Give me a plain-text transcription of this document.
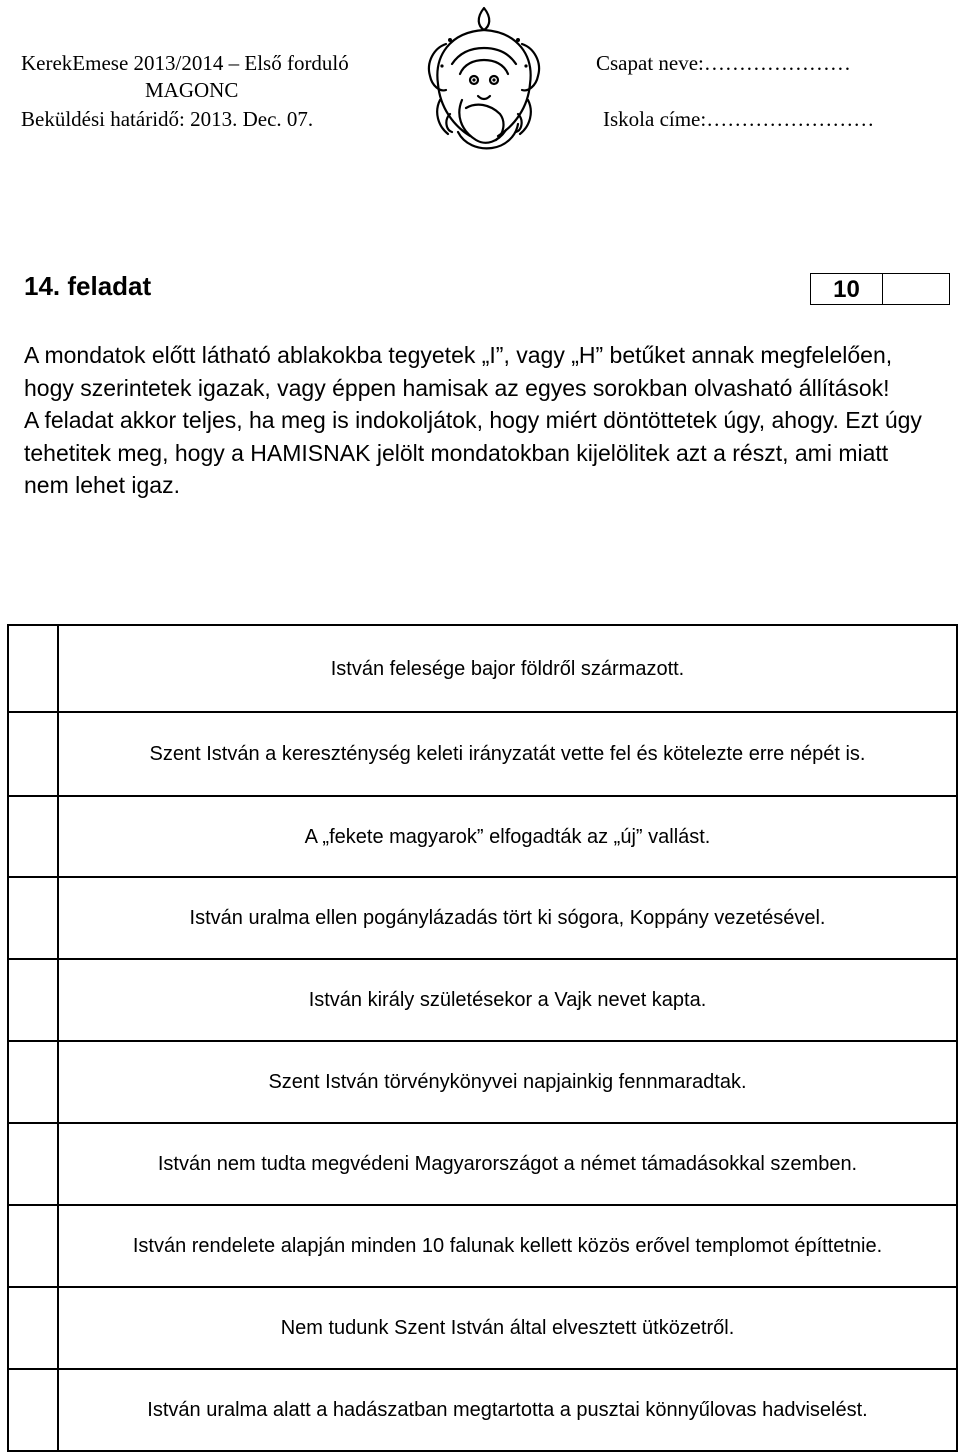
KerekEmese 2013/2014 – Első forduló
MAGONC
Beküldési határidő: 2013. Dec. 07.
Csapat neve:…………………
Iskola címe:……………………
14. feladat	10

A mondatok előtt látható ablakokba tegyetek „I”, vagy „H” betűket annak megfelelően, hogy szerintetek igazak, vagy éppen hamisak az egyes sorokban olvasható állítások!

A feladat akkor teljes, ha meg is indokoljátok, hogy miért döntöttetek úgy, ahogy. Ezt úgy tehetitek meg, hogy a HAMISNAK jelölt mondatokban kijelölitek azt a részt, ami miatt nem lehet igaz.

	István felesége bajor földről származott.
	Szent István a kereszténység keleti irányzatát vette fel és kötelezte erre népét is.
	A „fekete magyarok” elfogadták az „új” vallást.
	István uralma ellen pogánylázadás tört ki sógora, Koppány vezetésével.
	István király születésekor a Vajk nevet kapta.
	Szent István törvénykönyvei napjainkig fennmaradtak.
	István nem tudta megvédeni Magyarországot a német támadásokkal szemben.
	István rendelete alapján minden 10 falunak kellett közös erővel templomot építtetnie.
	Nem tudunk Szent István által elvesztett ütközetről.
	István uralma alatt a hadászatban megtartotta a pusztai könnyűlovas hadviselést.
